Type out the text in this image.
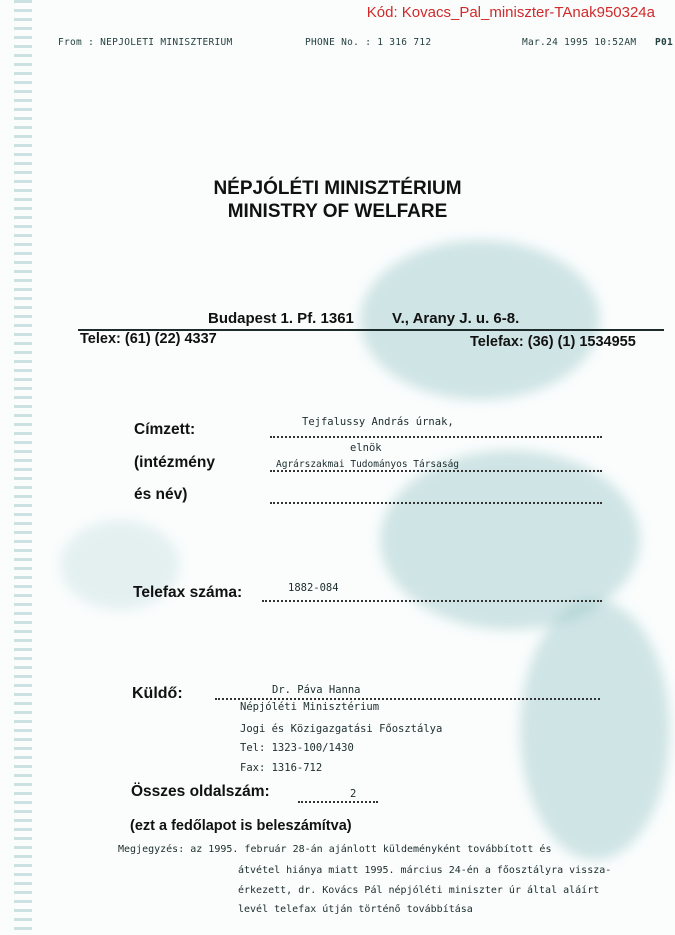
Kód: Kovacs_Pal_miniszter-TAnak950324a
From : NEPJOLETI MINISZTERIUM	PHONE No. : 1 316 712	Mar.24 1995 10:52AM P01
NÉPJÓLÉTI MINISZTÉRIUM
MINISTRY OF WELFARE
Budapest 1. Pf. 1361	V., Arany J. u. 6-8.
Telex: (61) (22) 4337	Telefax: (36) (1) 1534955
Címzett:
(intézmény
és név)
Tejfalussy András úrnak,
elnök
Agrárszakmai Tudományos Társaság
Telefax száma:	1882-084
Küldő:	Dr. Páva Hanna
Népjóléti Minisztérium
Jogi és Közigazgatási Főosztálya
Tel: 1323-100/1430
Fax: 1316-712
Összes oldalszám:	2
(ezt a fedőlapot is beleszámítva)
Megjegyzés: az 1995. február 28-án ajánlott küldeményként továbbított és
átvétel hiánya miatt 1995. március 24-én a főosztályra vissza-
érkezett, dr. Kovács Pál népjóléti miniszter úr által aláírt
levél telefax útján történő továbbítása
